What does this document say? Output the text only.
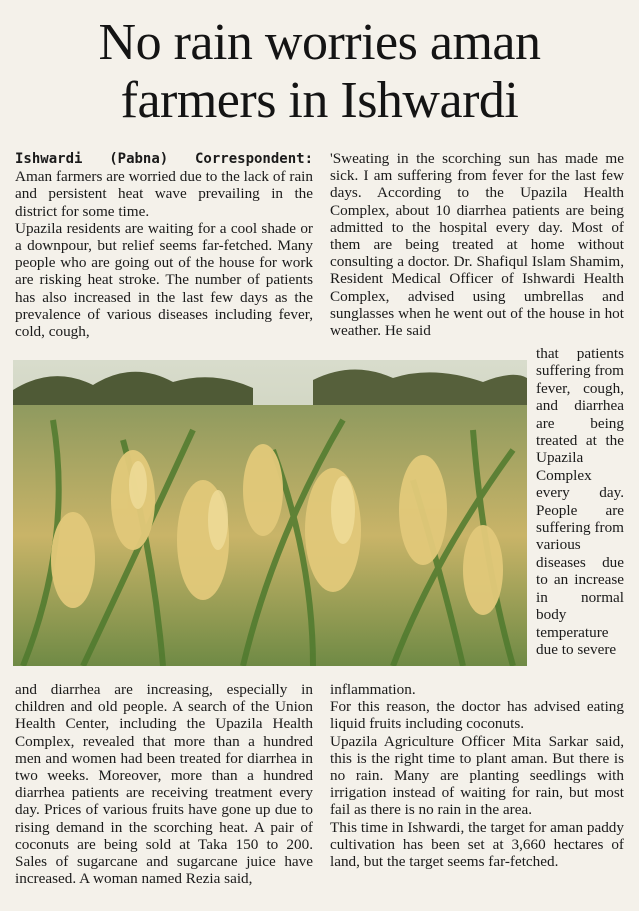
No rain worries aman
farmers in Ishwardi

Ishwardi (Pabna) Correspondent: Aman farmers are worried due to the lack of rain and persistent heat wave prevailing in the district for some time.

Upazila residents are waiting for a cool shade or a downpour, but relief seems far-fetched. Many people who are going out of the house for work are risking heat stroke. The number of patients has also increased in the last few days as the prevalence of various diseases including fever, cold, cough,

'Sweating in the scorching sun has made me sick. I am suffering from fever for the last few days. According to the Upazila Health Complex, about 10 diarrhea patients are being admitted to the hospital every day. Most of them are being treated at home without consulting a doctor. Dr. Shafiqul Islam Shamim, Resident Medical Officer of Ishwardi Health Complex, advised using umbrellas and sunglasses when he went out of the house in hot weather. He said

that patients suffering from fever, cough, and diarrhea are being treated at the Upazila Complex every day. People are suffering from various diseases due to an increase in normal body temperature due to severe

and diarrhea are increasing, especially in children and old people. A search of the Union Health Center, including the Upazila Health Complex, revealed that more than a hundred men and women had been treated for diarrhea in two weeks. Moreover, more than a hundred diarrhea patients are receiving treatment every day. Prices of various fruits have gone up due to rising demand in the scorching heat. A pair of coconuts are being sold at Taka 150 to 200. Sales of sugarcane and sugarcane juice have increased. A woman named Rezia said,

inflammation.

For this reason, the doctor has advised eating liquid fruits including coconuts.

Upazila Agriculture Officer Mita Sarkar said, this is the right time to plant aman. But there is no rain. Many are planting seedlings with irrigation instead of waiting for rain, but most fail as there is no rain in the area.

This time in Ishwardi, the target for aman paddy cultivation has been set at 3,660 hectares of land, but the target seems far-fetched.
